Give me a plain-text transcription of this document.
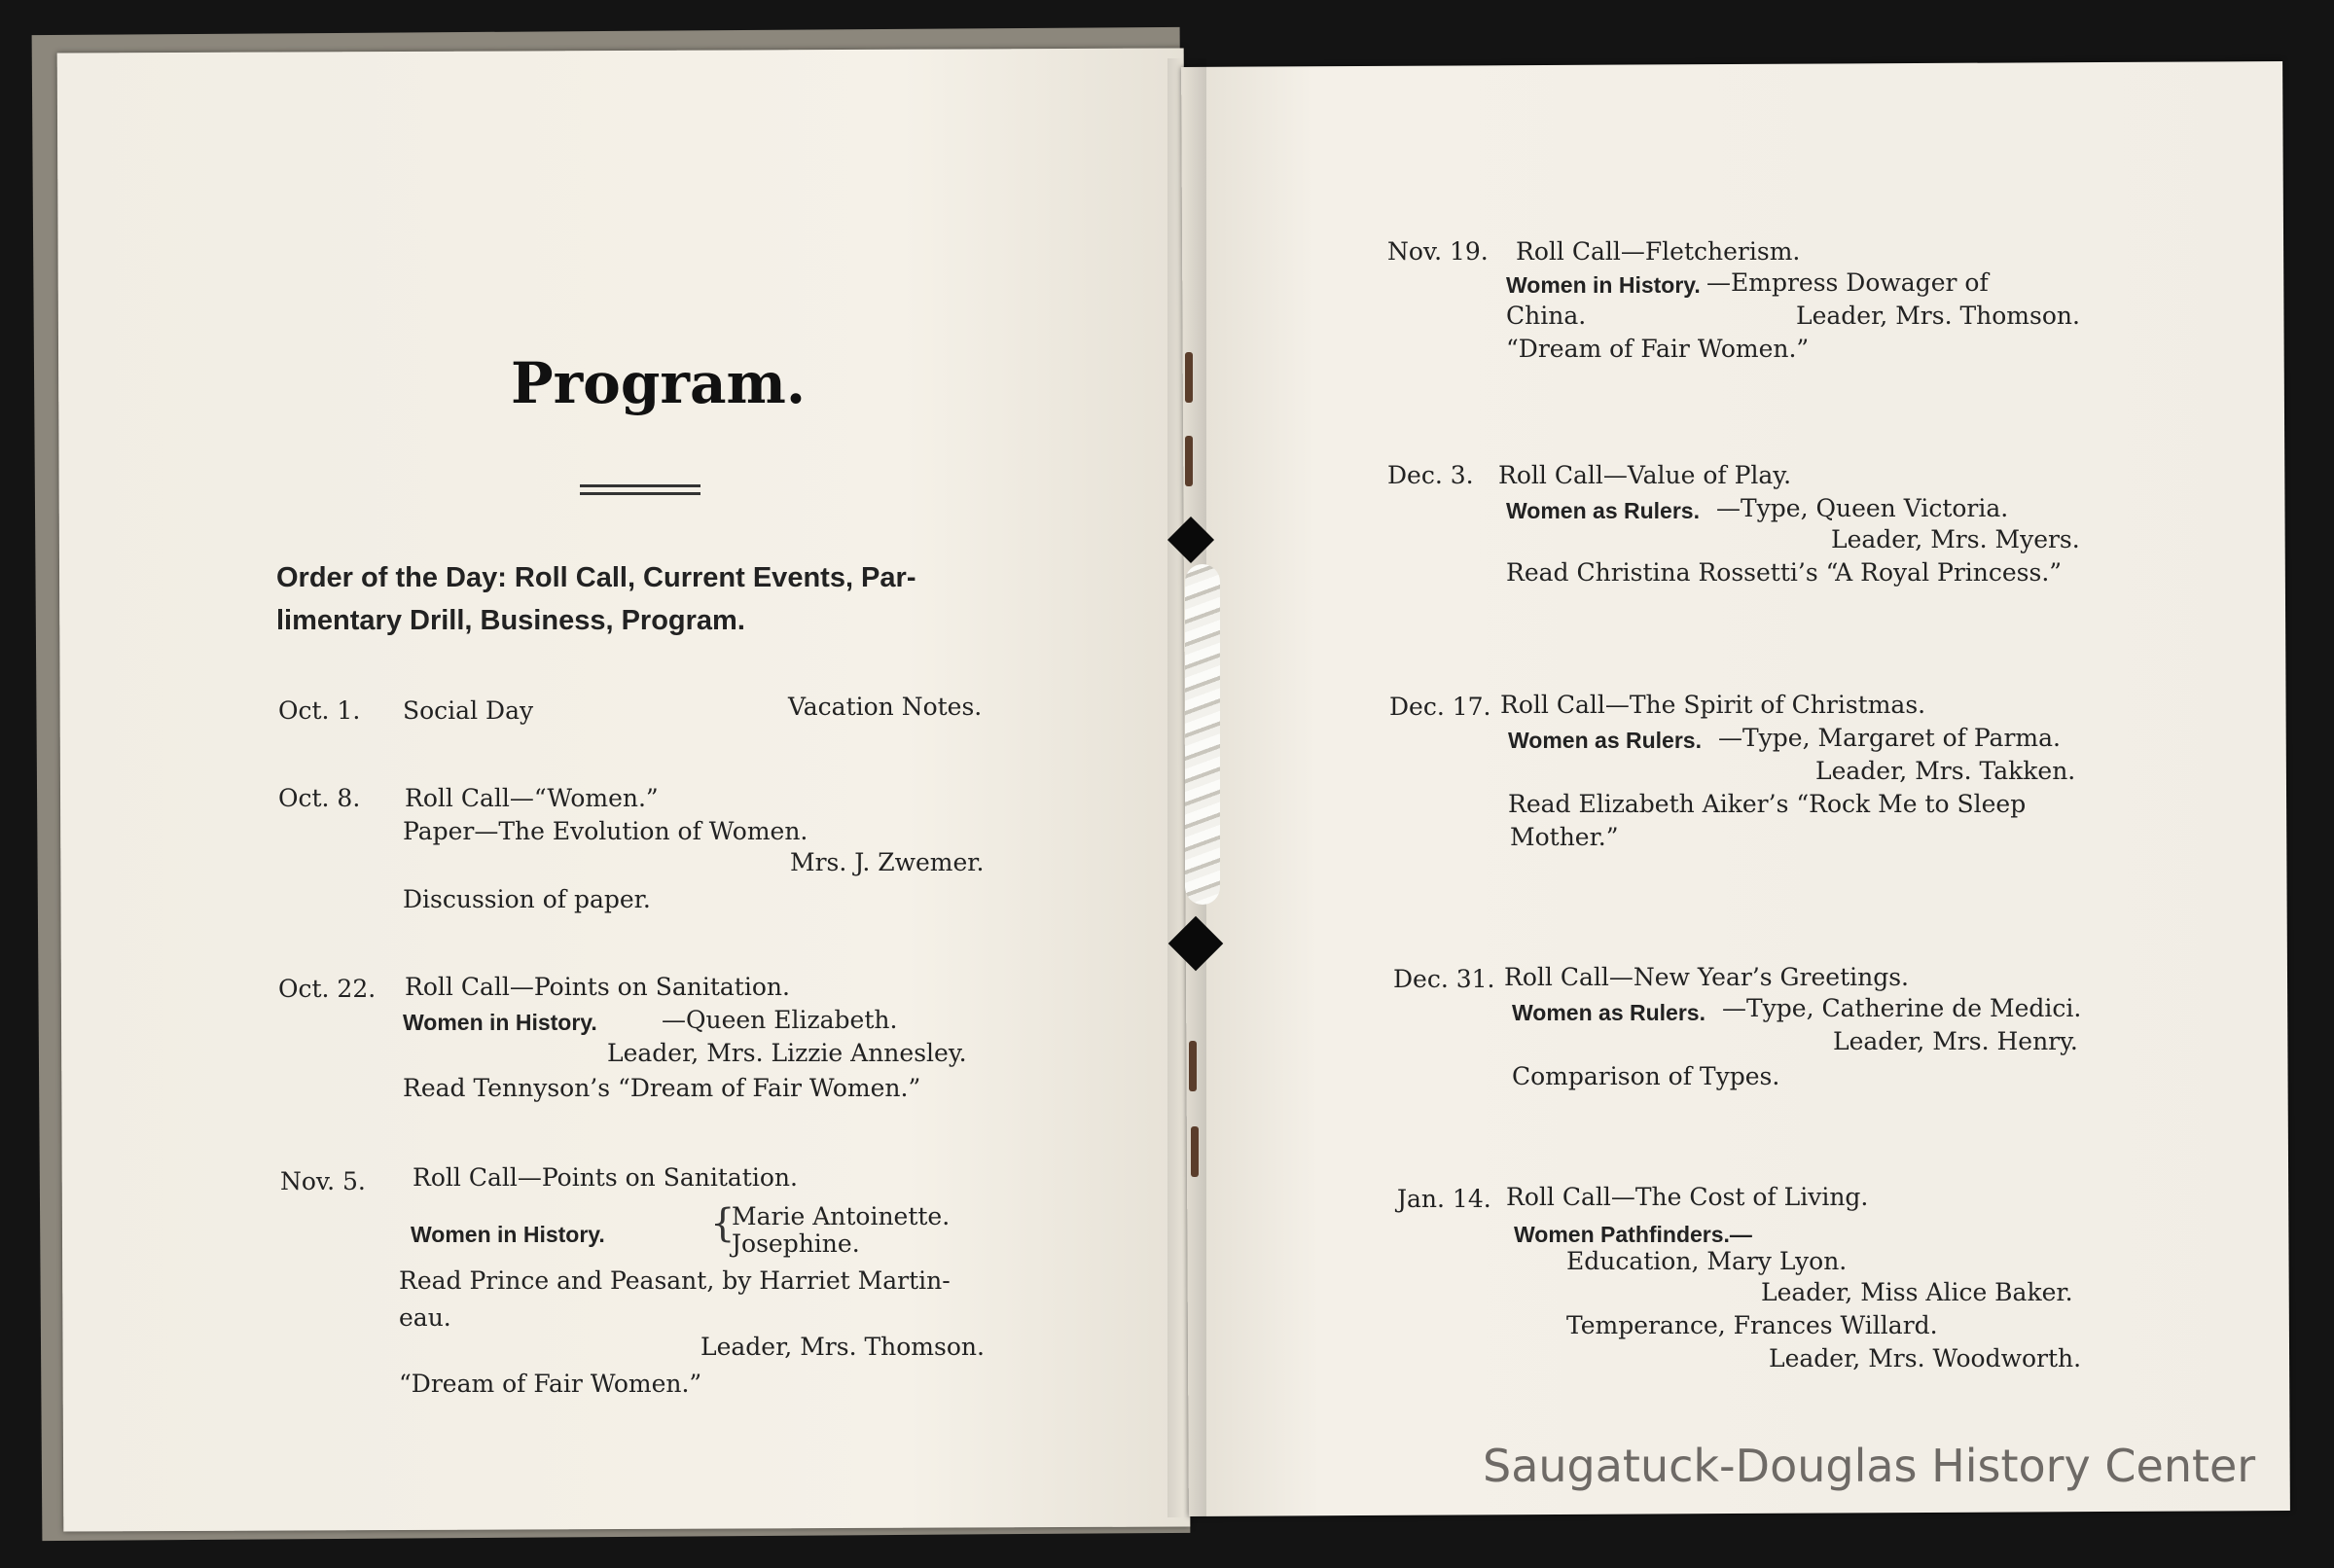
Program.
Order of the Day: Roll Call, Current Events, Par-
limentary Drill, Business, Program.
Oct. 1. Social Day	Vacation Notes.
Oct. 8. Roll Call—“Women.”
Paper—The Evolution of Women.
Mrs. J. Zwemer.
Discussion of paper.
Oct. 22. Roll Call—Points on Sanitation.
Women in History.	—Queen Elizabeth.
Leader, Mrs. Lizzie Annesley.
Read Tennyson’s “Dream of Fair Women.”
Nov. 5. Roll Call—Points on Sanitation.
Women in History.	{
Marie Antoinette.
Josephine.
Read Prince and Peasant, by Harriet Martin-
eau.
Leader, Mrs. Thomson.
“Dream of Fair Women.”
Nov. 19. Roll Call—Fletcherism.
Women in History. —Empress Dowager of
China.	Leader, Mrs. Thomson.
“Dream of Fair Women.”
Dec. 3. Roll Call—Value of Play.
Women as Rulers. —Type, Queen Victoria.
Leader, Mrs. Myers.
Read Christina Rossetti’s “A Royal Princess.”
Dec. 17. Roll Call—The Spirit of Christmas.
Women as Rulers. —Type, Margaret of Parma.
Leader, Mrs. Takken.
Read Elizabeth Aiker’s “Rock Me to Sleep
Mother.”
Dec. 31. Roll Call—New Year’s Greetings.
Women as Rulers. —Type, Catherine de Medici.
Leader, Mrs. Henry.
Comparison of Types.
Jan. 14. Roll Call—The Cost of Living.
Women Pathfinders.—
Education, Mary Lyon.
Leader, Miss Alice Baker.
Temperance, Frances Willard.
Leader, Mrs. Woodworth.
Saugatuck-Douglas History Center
